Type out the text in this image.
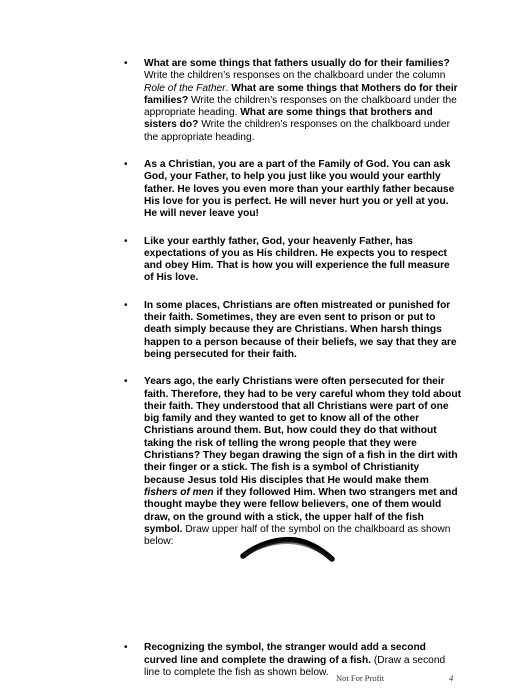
• What are some things that fathers usually do for their families? Write the children’s responses on the chalkboard under the column Role of the Father. What are some things that Mothers do for their families? Write the children’s responses on the chalkboard under the appropriate heading. What are some things that brothers and sisters do? Write the children’s responses on the chalkboard under the appropriate heading.
• As a Christian, you are a part of the Family of God. You can ask God, your Father, to help you just like you would your earthly father. He loves you even more than your earthly father because His love for you is perfect. He will never hurt you or yell at you. He will never leave you!
• Like your earthly father, God, your heavenly Father, has expectations of you as His children. He expects you to respect and obey Him. That is how you will experience the full measure of His love.
• In some places, Christians are often mistreated or punished for their faith. Sometimes, they are even sent to prison or put to death simply because they are Christians. When harsh things happen to a person because of their beliefs, we say that they are being persecuted for their faith.
• Years ago, the early Christians were often persecuted for their faith. Therefore, they had to be very careful whom they told about their faith. They understood that all Christians were part of one big family and they wanted to get to know all of the other Christians around them. But, how could they do that without taking the risk of telling the wrong people that they were Christians? They began drawing the sign of a fish in the dirt with their finger or a stick. The fish is a symbol of Christianity because Jesus told His disciples that He would make them fishers of men if they followed Him. When two strangers met and thought maybe they were fellow believers, one of them would draw, on the ground with a stick, the upper half of the fish symbol. Draw upper half of the symbol on the chalkboard as shown below:
• Recognizing the symbol, the stranger would add a second curved line and complete the drawing of a fish. (Draw a second line to complete the fish as shown below.
Not For Profit	4
